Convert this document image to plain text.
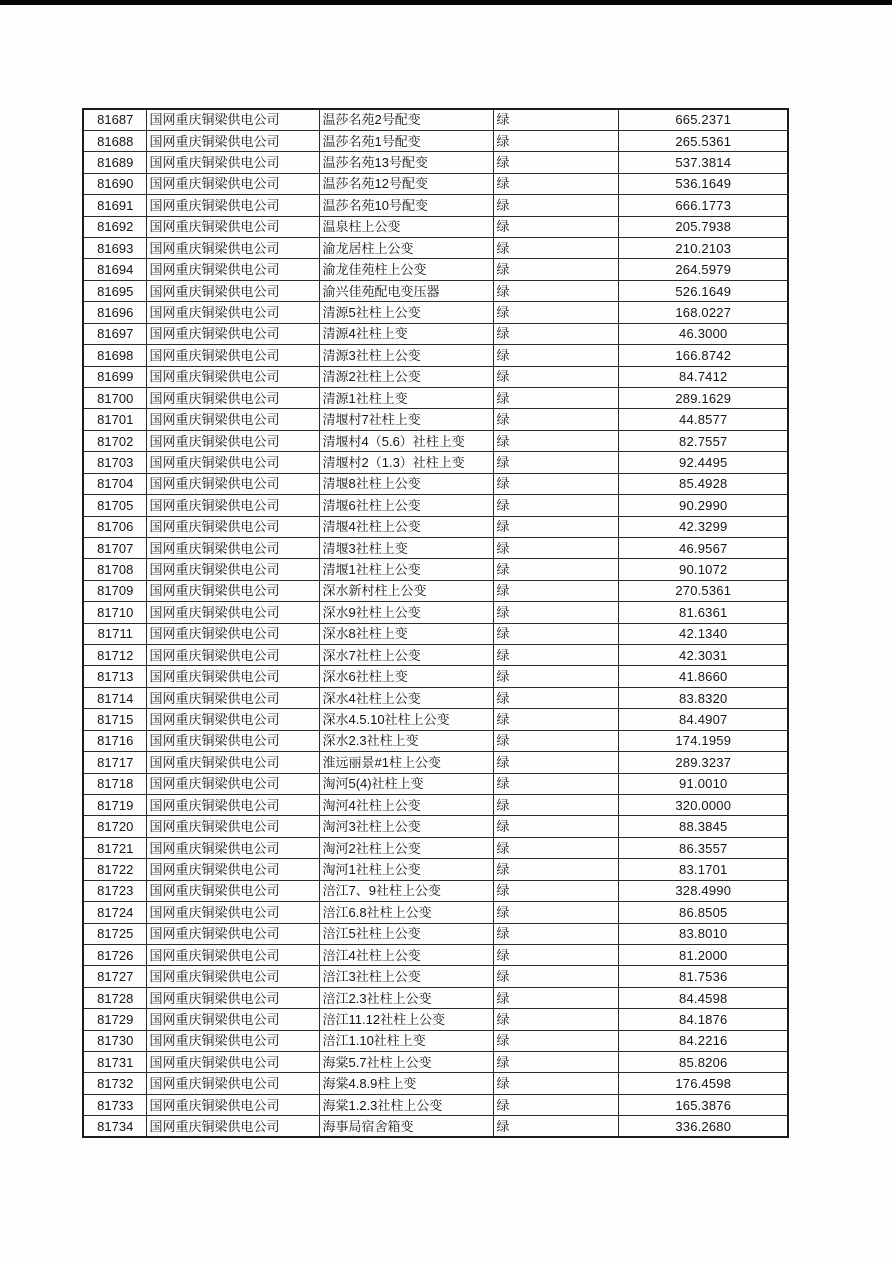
81687	国网重庆铜梁供电公司	温莎名苑2号配变	绿	665.2371
81688	国网重庆铜梁供电公司	温莎名苑1号配变	绿	265.5361
81689	国网重庆铜梁供电公司	温莎名苑13号配变	绿	537.3814
81690	国网重庆铜梁供电公司	温莎名苑12号配变	绿	536.1649
81691	国网重庆铜梁供电公司	温莎名苑10号配变	绿	666.1773
81692	国网重庆铜梁供电公司	温泉柱上公变	绿	205.7938
81693	国网重庆铜梁供电公司	渝龙居柱上公变	绿	210.2103
81694	国网重庆铜梁供电公司	渝龙佳苑柱上公变	绿	264.5979
81695	国网重庆铜梁供电公司	渝兴佳苑配电变压器	绿	526.1649
81696	国网重庆铜梁供电公司	清源5社柱上公变	绿	168.0227
81697	国网重庆铜梁供电公司	清源4社柱上变	绿	46.3000
81698	国网重庆铜梁供电公司	清源3社柱上公变	绿	166.8742
81699	国网重庆铜梁供电公司	清源2社柱上公变	绿	84.7412
81700	国网重庆铜梁供电公司	清源1社柱上变	绿	289.1629
81701	国网重庆铜梁供电公司	清堰村7社柱上变	绿	44.8577
81702	国网重庆铜梁供电公司	清堰村4（5.6）社柱上变	绿	82.7557
81703	国网重庆铜梁供电公司	清堰村2（1.3）社柱上变	绿	92.4495
81704	国网重庆铜梁供电公司	清堰8社柱上公变	绿	85.4928
81705	国网重庆铜梁供电公司	清堰6社柱上公变	绿	90.2990
81706	国网重庆铜梁供电公司	清堰4社柱上公变	绿	42.3299
81707	国网重庆铜梁供电公司	清堰3社柱上变	绿	46.9567
81708	国网重庆铜梁供电公司	清堰1社柱上公变	绿	90.1072
81709	国网重庆铜梁供电公司	深水新村柱上公变	绿	270.5361
81710	国网重庆铜梁供电公司	深水9社柱上公变	绿	81.6361
81711	国网重庆铜梁供电公司	深水8社柱上变	绿	42.1340
81712	国网重庆铜梁供电公司	深水7社柱上公变	绿	42.3031
81713	国网重庆铜梁供电公司	深水6社柱上变	绿	41.8660
81714	国网重庆铜梁供电公司	深水4社柱上公变	绿	83.8320
81715	国网重庆铜梁供电公司	深水4.5.10社柱上公变	绿	84.4907
81716	国网重庆铜梁供电公司	深水2.3社柱上变	绿	174.1959
81717	国网重庆铜梁供电公司	淮远丽景#1柱上公变	绿	289.3237
81718	国网重庆铜梁供电公司	淘河5(4)社柱上变	绿	91.0010
81719	国网重庆铜梁供电公司	淘河4社柱上公变	绿	320.0000
81720	国网重庆铜梁供电公司	淘河3社柱上公变	绿	88.3845
81721	国网重庆铜梁供电公司	淘河2社柱上公变	绿	86.3557
81722	国网重庆铜梁供电公司	淘河1社柱上公变	绿	83.1701
81723	国网重庆铜梁供电公司	涪江7、9社柱上公变	绿	328.4990
81724	国网重庆铜梁供电公司	涪江6.8社柱上公变	绿	86.8505
81725	国网重庆铜梁供电公司	涪江5社柱上公变	绿	83.8010
81726	国网重庆铜梁供电公司	涪江4社柱上公变	绿	81.2000
81727	国网重庆铜梁供电公司	涪江3社柱上公变	绿	81.7536
81728	国网重庆铜梁供电公司	涪江2.3社柱上公变	绿	84.4598
81729	国网重庆铜梁供电公司	涪江11.12社柱上公变	绿	84.1876
81730	国网重庆铜梁供电公司	涪江1.10社柱上变	绿	84.2216
81731	国网重庆铜梁供电公司	海棠5.7社柱上公变	绿	85.8206
81732	国网重庆铜梁供电公司	海棠4.8.9柱上变	绿	176.4598
81733	国网重庆铜梁供电公司	海棠1.2.3社柱上公变	绿	165.3876
81734	国网重庆铜梁供电公司	海事局宿舍箱变	绿	336.2680
